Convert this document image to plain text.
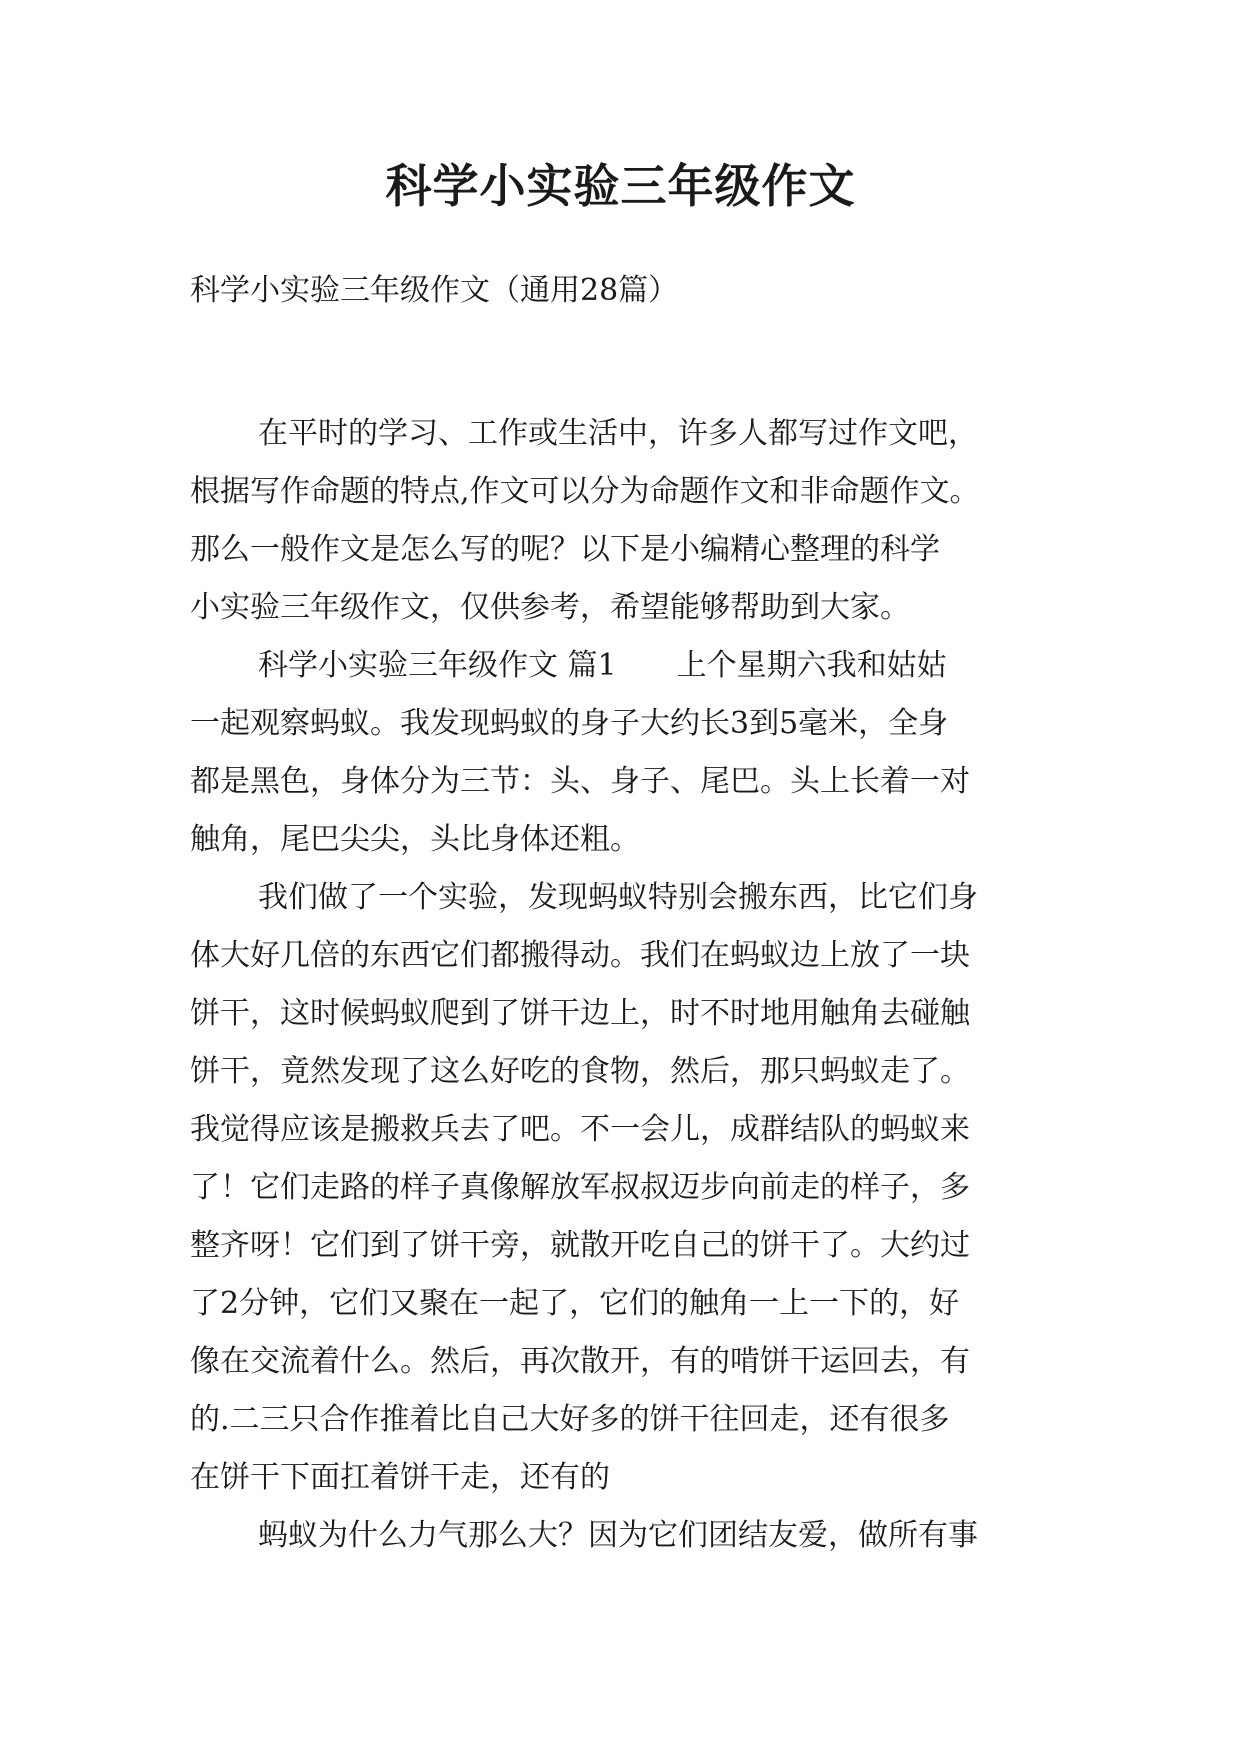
科学小实验三年级作文

科学小实验三年级作文（通用28篇）

在平时的学习、工作或生活中，许多人都写过作文吧，
根据写作命题的特点,作文可以分为命题作文和非命题作文。
那么一般作文是怎么写的呢？以下是小编精心整理的科学
小实验三年级作文，仅供参考，希望能够帮助到大家。
科学小实验三年级作文 篇1　　上个星期六我和姑姑
一起观察蚂蚁。我发现蚂蚁的身子大约长3到5毫米，全身
都是黑色，身体分为三节：头、身子、尾巴。头上长着一对
触角，尾巴尖尖，头比身体还粗。
我们做了一个实验，发现蚂蚁特别会搬东西，比它们身
体大好几倍的东西它们都搬得动。我们在蚂蚁边上放了一块
饼干，这时候蚂蚁爬到了饼干边上，时不时地用触角去碰触
饼干，竟然发现了这么好吃的食物，然后，那只蚂蚁走了。
我觉得应该是搬救兵去了吧。不一会儿，成群结队的蚂蚁来
了！它们走路的样子真像解放军叔叔迈步向前走的样子，多
整齐呀！它们到了饼干旁，就散开吃自己的饼干了。大约过
了2分钟，它们又聚在一起了，它们的触角一上一下的，好
像在交流着什么。然后，再次散开，有的啃饼干运回去，有
的.二三只合作推着比自己大好多的饼干往回走，还有很多
在饼干下面扛着饼干走，还有的
蚂蚁为什么力气那么大？因为它们团结友爱，做所有事
